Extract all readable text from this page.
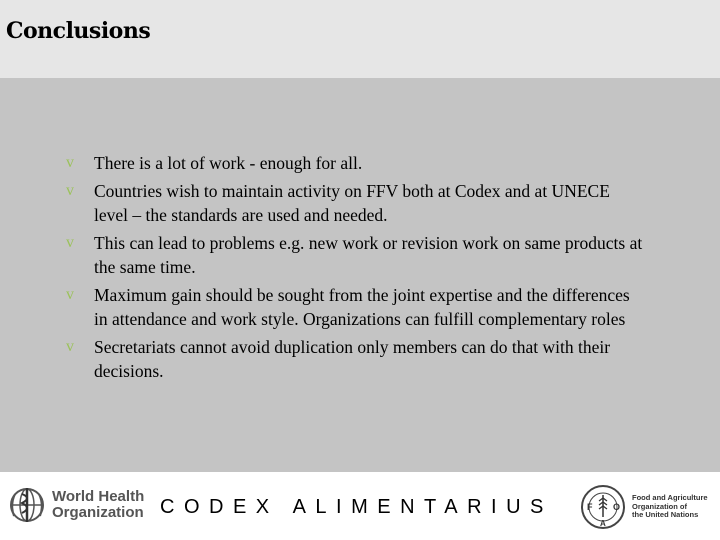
Conclusions
v There is a lot of work - enough for all.
v Countries wish to maintain activity on FFV both at Codex and at UNECE level – the standards are used and needed.
v This can lead to problems e.g. new work or revision work on same products at the same time.
v Maximum gain should be sought from the joint expertise and the differences in attendance and work style. Organizations can fulfill complementary roles
v Secretariats cannot avoid duplication only members can do that with their decisions.
World Health
Organization CODEX ALIMENTARIUS	F O
A
Food and Agriculture
Organization of
the United Nations
